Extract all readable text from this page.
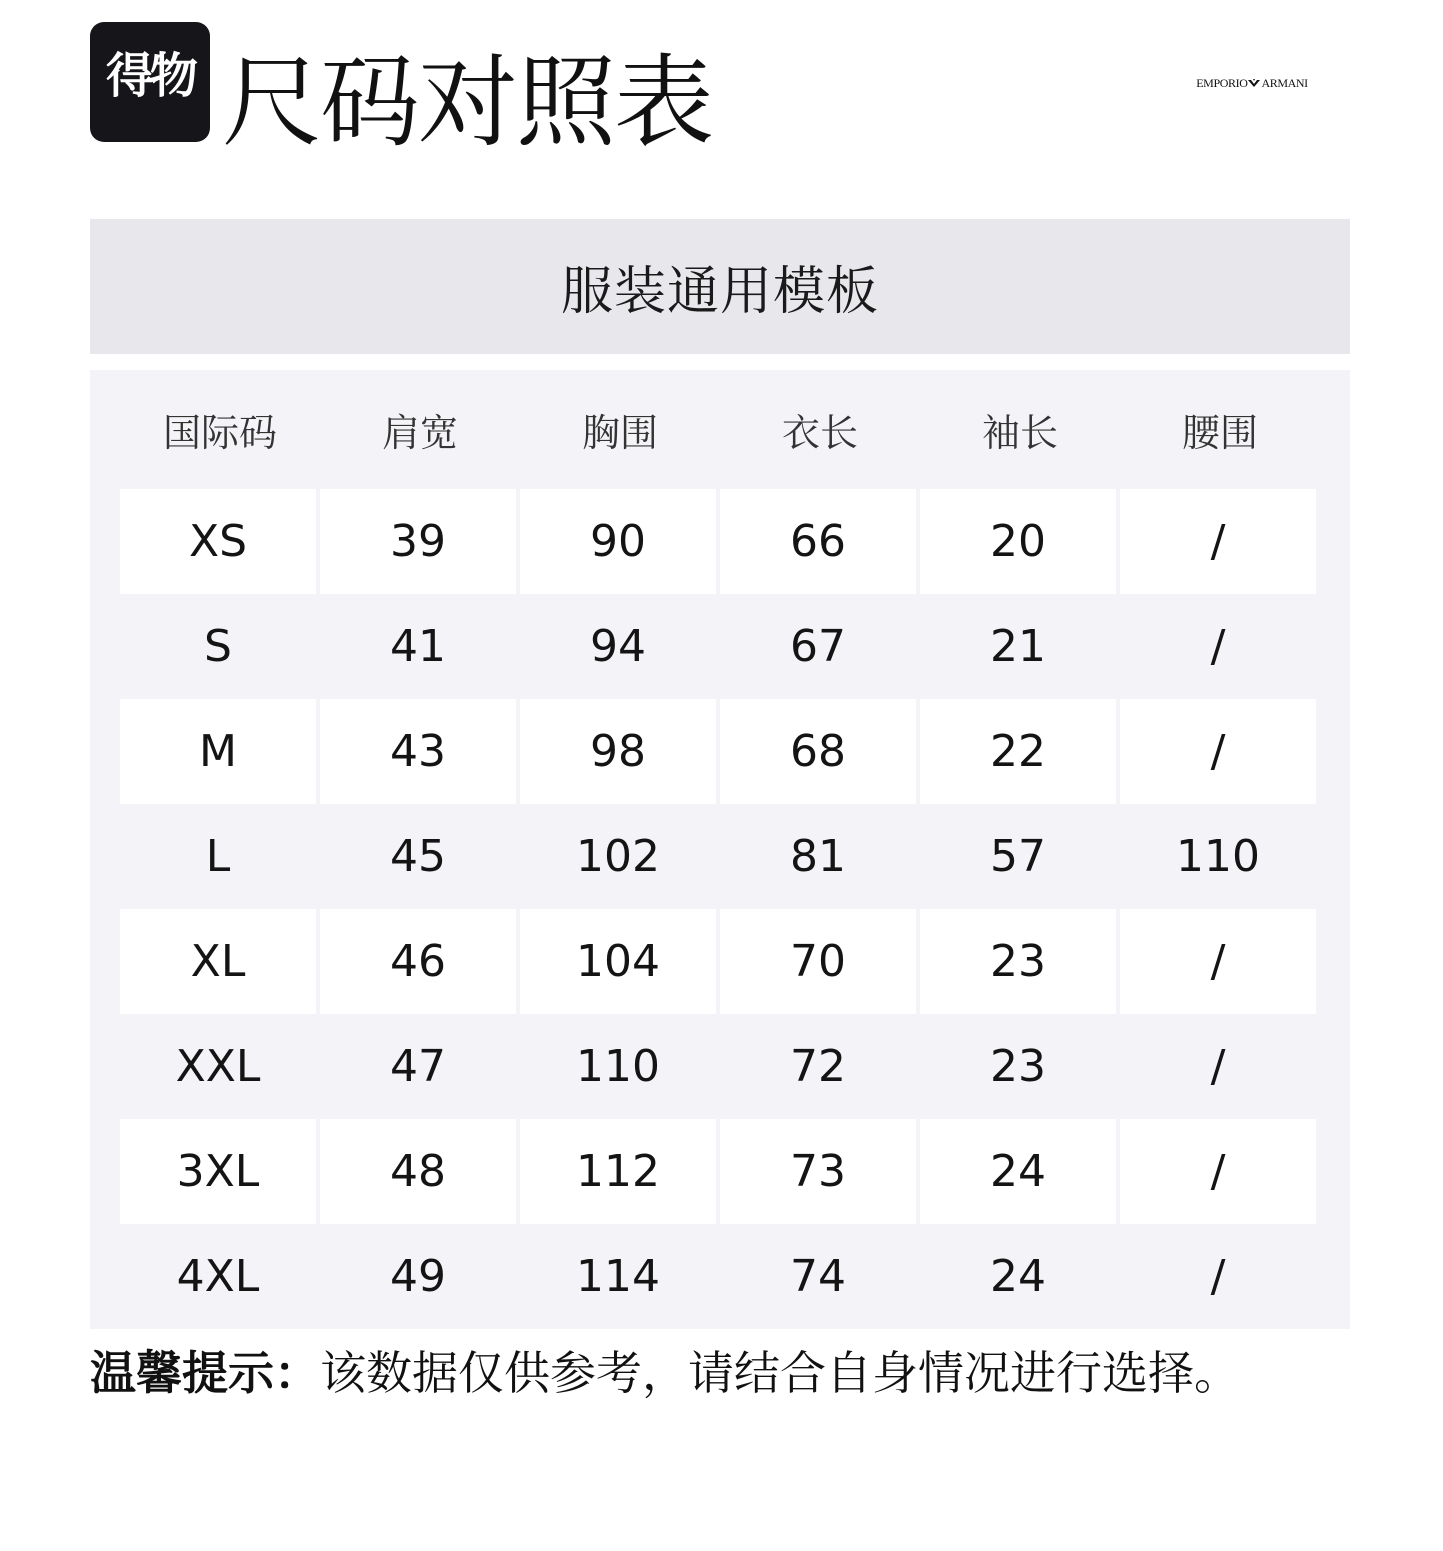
得物 尺码对照表	EMPORIO ARMANI
服装通用模板
国际码	肩宽	胸围	衣长	袖长	腰围
XS	39	90	66	20	/
S	41	94	67	21	/
M	43	98	68	22	/
L	45	102	81	57	110
XL	46	104	70	23	/
XXL	47	110	72	23	/
3XL	48	112	73	24	/
4XL	49	114	74	24	/
温馨提示：该数据仅供参考，请结合自身情况进行选择。
